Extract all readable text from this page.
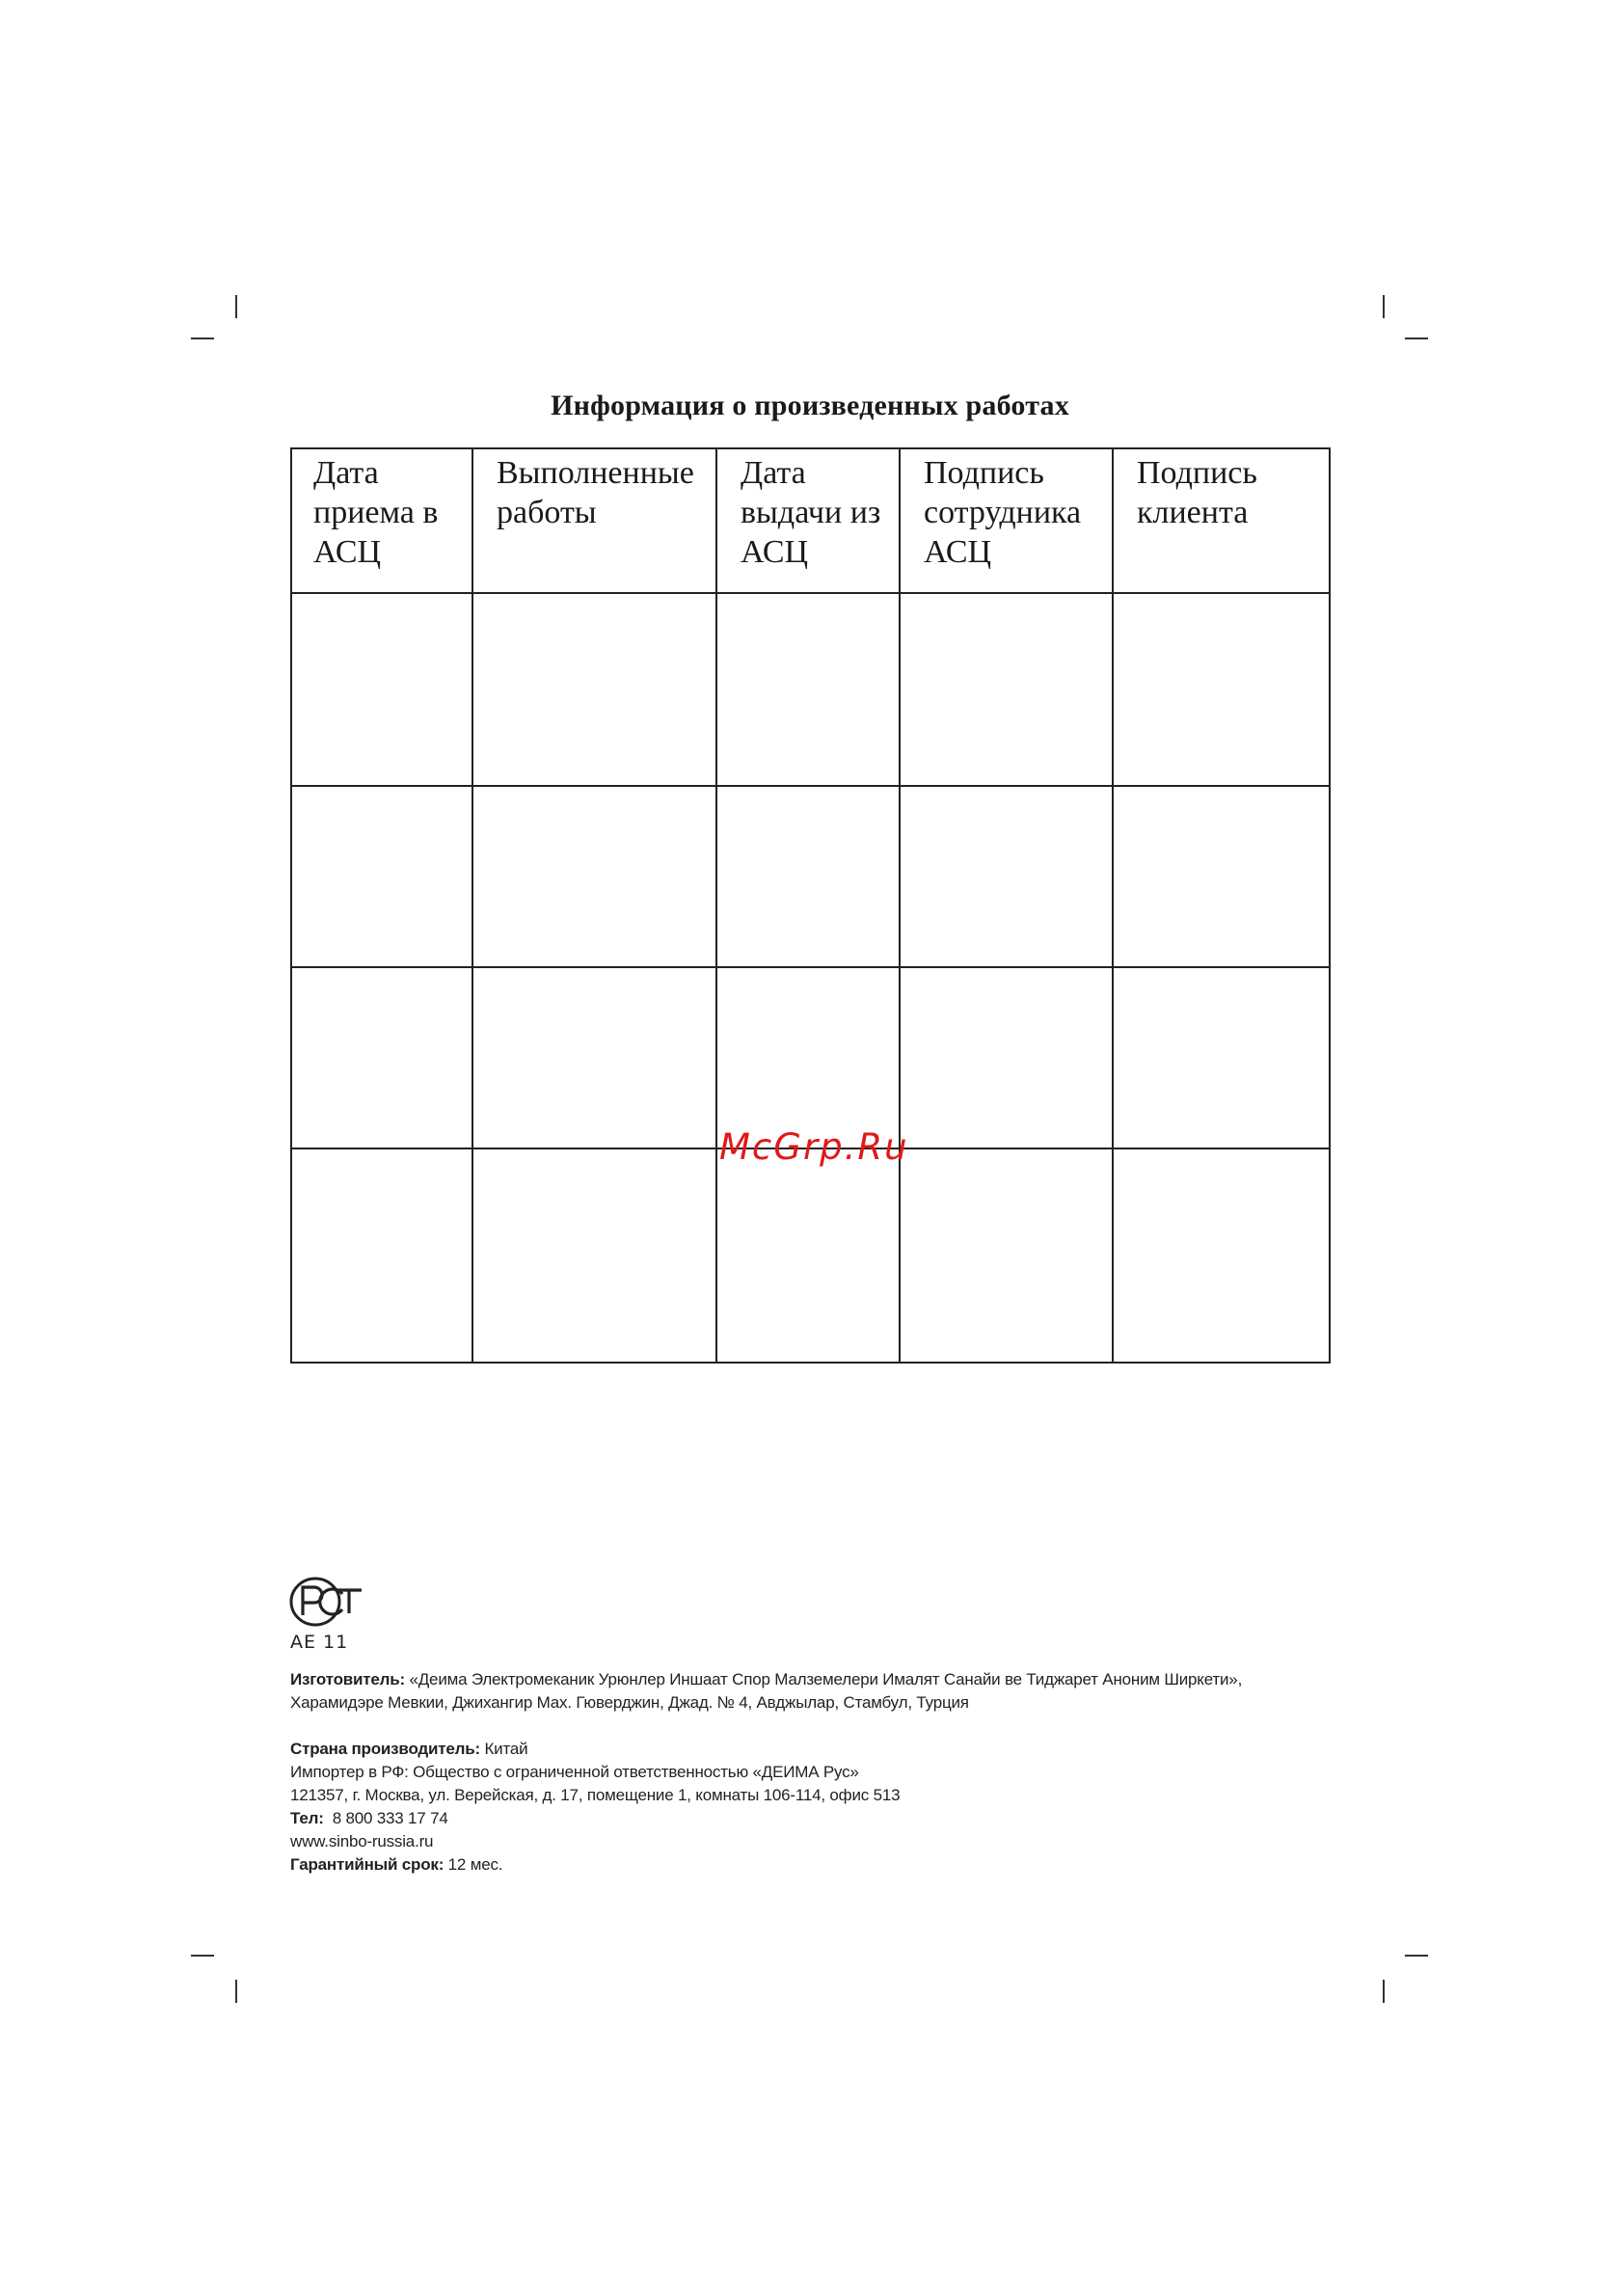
Информация о произведенных работах
Дата
приема в
АСЦ	Выполненные
работы	Дата
выдачи из
АСЦ	Подпись
сотрудника
АСЦ	Подпись
клиента

McGrp.Ru
АЕ 11

Изготовитель: «Деима Электромеканик Урюнлер Иншаат Спор Малземелери Ималят Санайи ве Тиджарет Аноним Ширкети», Харамидэре Мевкии, Джихангир Мах. Гюверджин, Джад. № 4, Авджылар, Стамбул, Турция

Страна производитель: Китай

Импортер в РФ: Общество с ограниченной ответственностью «ДЕИМА Рус»

121357, г. Москва, ул. Верейская, д. 17, помещение 1, комнаты 106-114, офис 513

Тел:  8 800 333 17 74

www.sinbo-russia.ru

Гарантийный срок: 12 мес.
